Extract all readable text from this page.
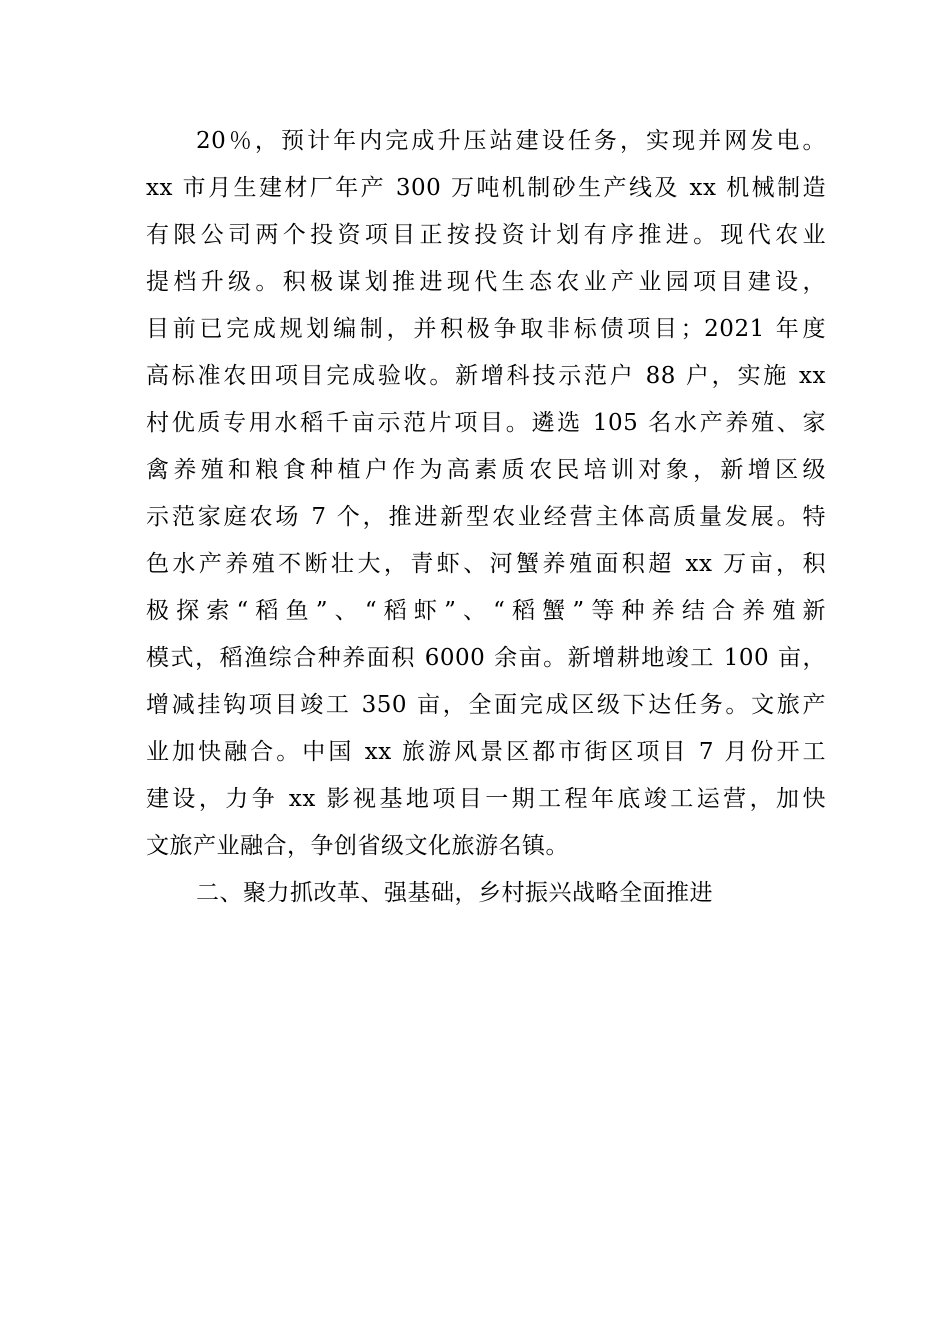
20％，预计年内完成升压站建设任务，实现并网发电。
xx 市月生建材厂年产 300 万吨机制砂生产线及 xx 机械制造
有限公司两个投资项目正按投资计划有序推进。现代农业
提档升级。积极谋划推进现代生态农业产业园项目建设，
目前已完成规划编制，并积极争取非标债项目；2021 年度
高标准农田项目完成验收。新增科技示范户 88 户，实施 xx
村优质专用水稻千亩示范片项目。遴选 105 名水产养殖、家
禽养殖和粮食种植户作为高素质农民培训对象，新增区级
示范家庭农场 7 个，推进新型农业经营主体高质量发展。特
色水产养殖不断壮大，青虾、河蟹养殖面积超 xx 万亩，积
极探索“稻鱼”、“稻虾”、“稻蟹”等种养结合养殖新
模式，稻渔综合种养面积 6000 余亩。新增耕地竣工 100 亩，
增减挂钩项目竣工 350 亩，全面完成区级下达任务。文旅产
业加快融合。中国 xx 旅游风景区都市街区项目 7 月份开工
建设，力争 xx 影视基地项目一期工程年底竣工运营，加快
文旅产业融合，争创省级文化旅游名镇。
二、聚力抓改革、强基础，乡村振兴战略全面推进
